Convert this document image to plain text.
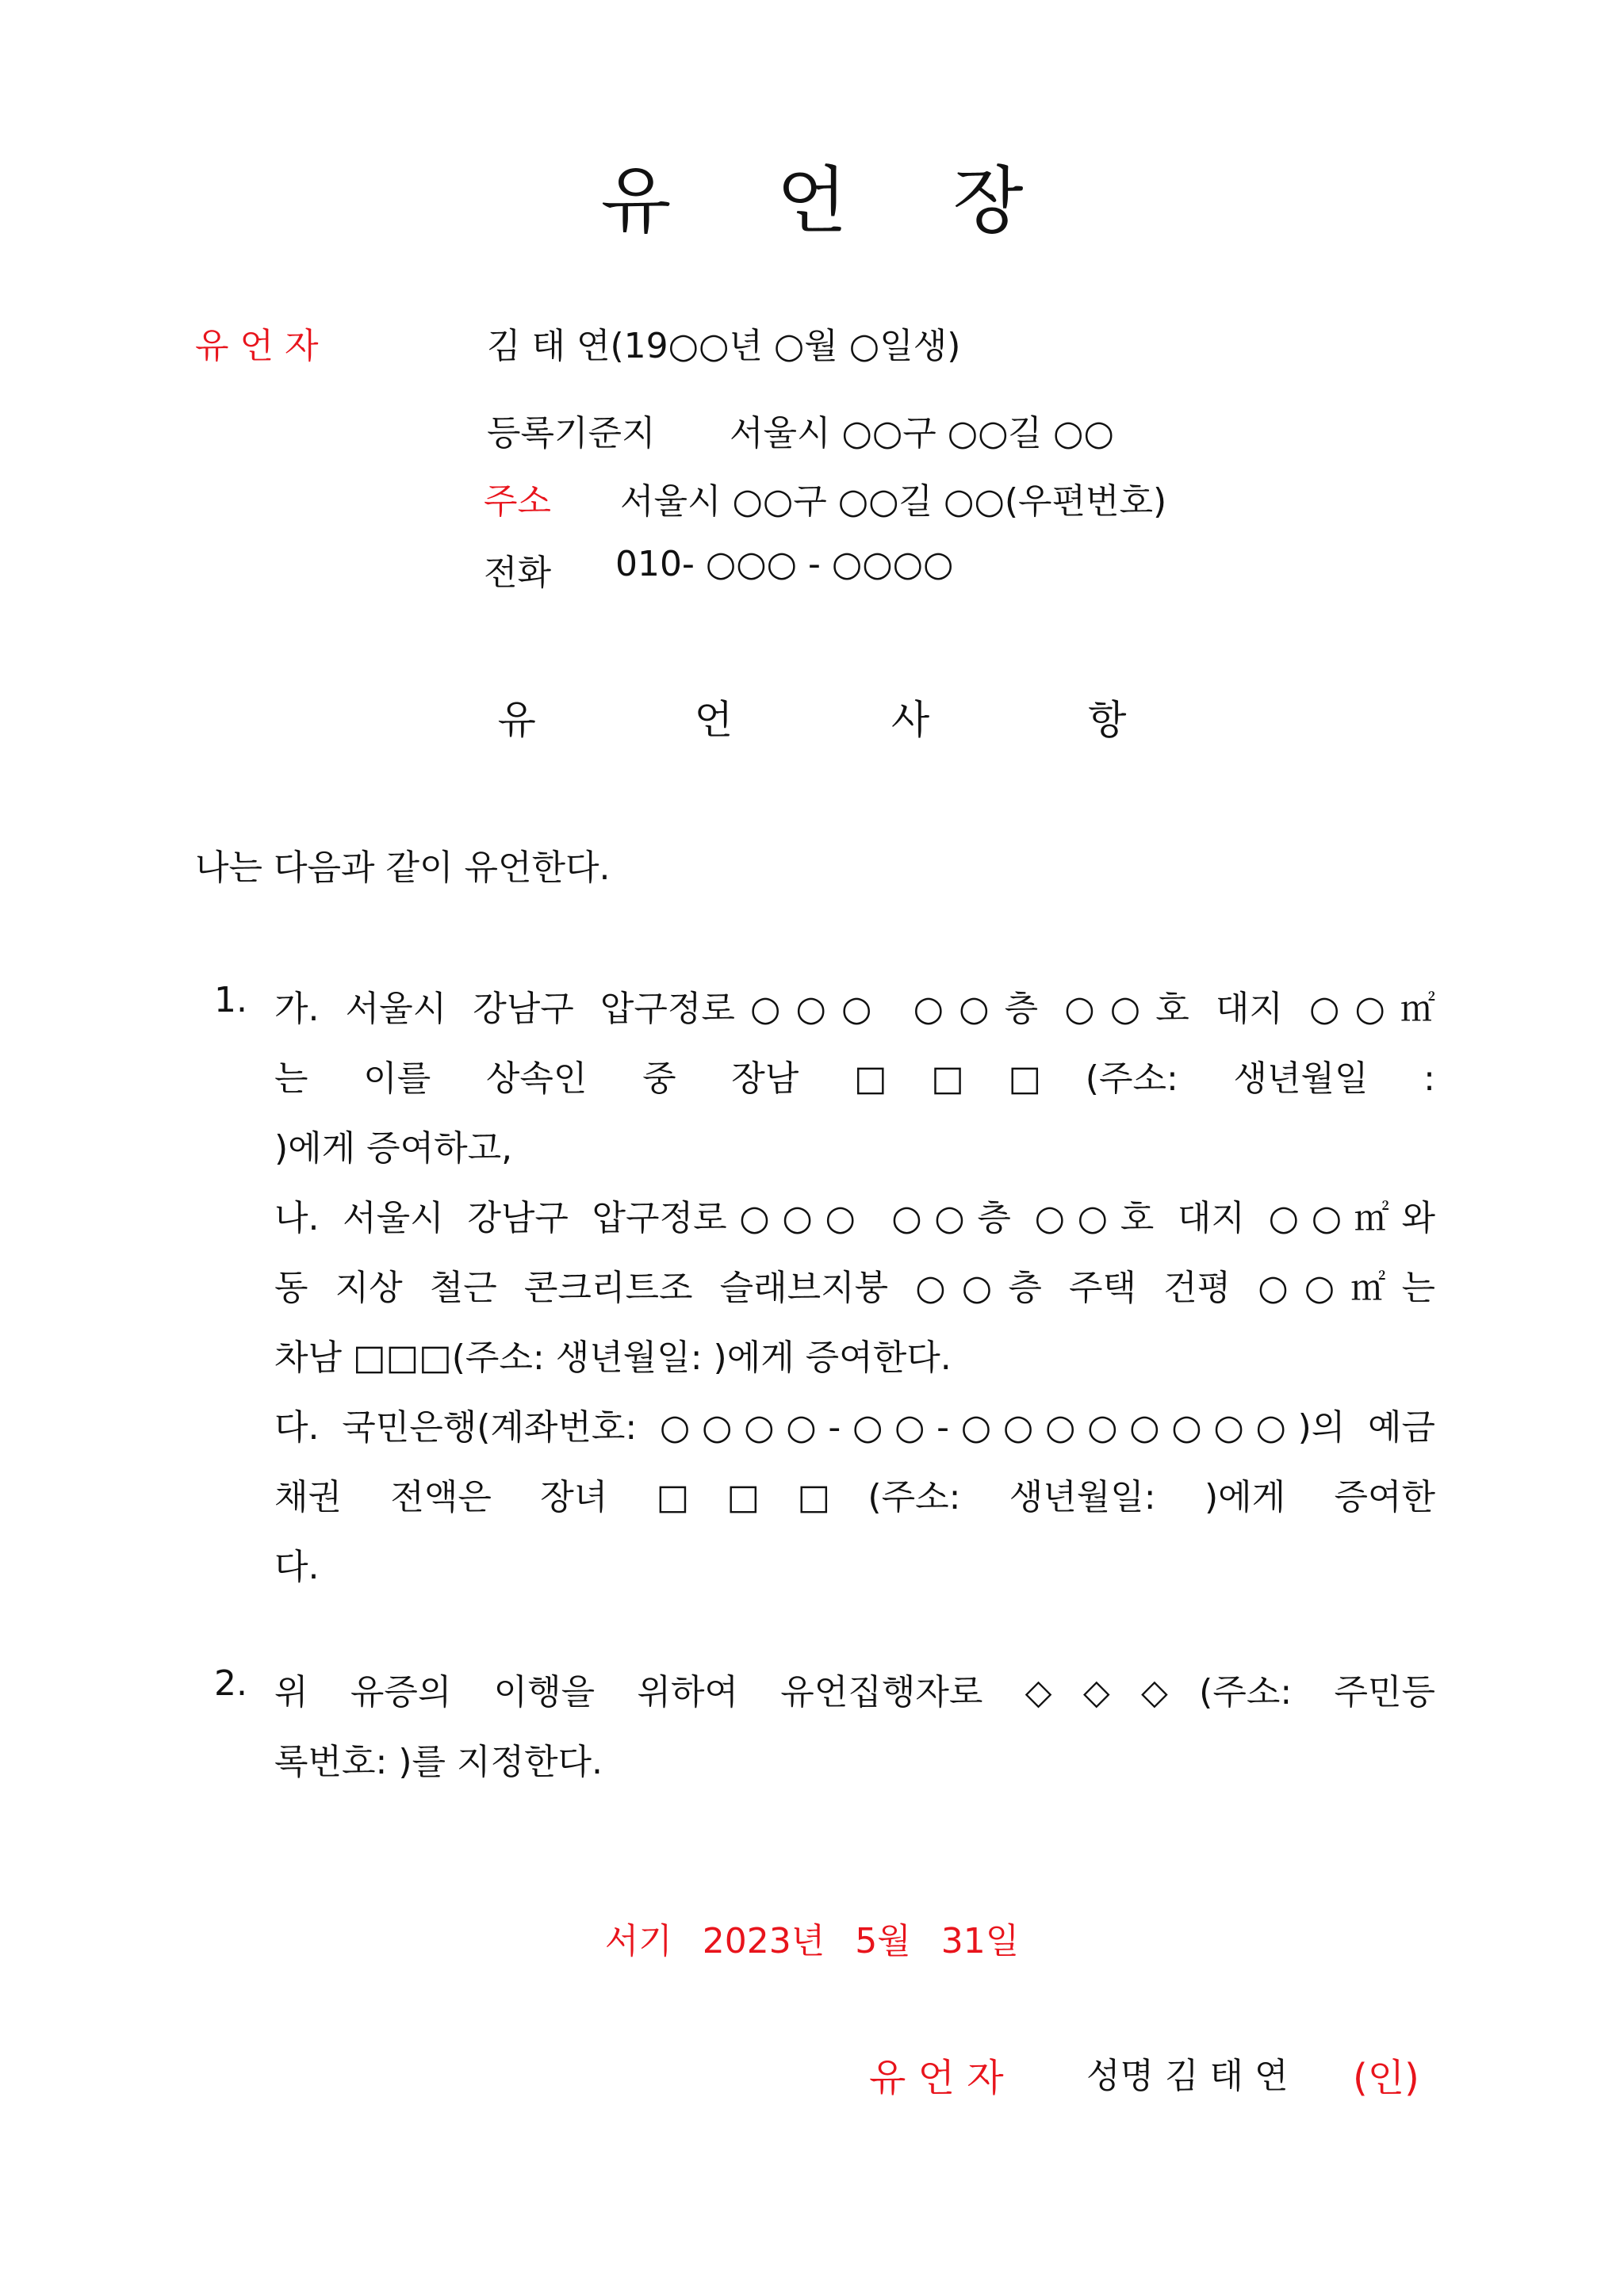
유 언 장
유 언 자	김 태 연(19○○년 ○월 ○일생)
등록기준지 서울시 ○○구 ○○길 ○○
주소 서울시 ○○구 ○○길 ○○(우편번호)
전화 010- ○○○ - ○○○○
유 언 사 항
나는 다음과 같이 유언한다.
1. 가. 서울시 강남구 압구정로○○○ ○○층 ○○호 대지 ○○㎡
는 이를 상속인 중 장남 □□□(주소: 생년월일 :
)에게 증여하고,
나. 서울시 강남구 압구정로○○○ ○○층 ○○호 대지 ○○㎡와
동 지상 철근 콘크리트조 슬래브지붕 ○○층 주택 건평 ○○㎡는
차남 □□□(주소: 생년월일: )에게 증여한다.
다. 국민은행(계좌번호: ○○○○-○○-○○○○○○○○)의 예금
채권 전액은 장녀 □□□(주소: 생년월일: )에게 증여한
다.
2. 위 유증의 이행을 위하여 유언집행자로 ◇◇◇(주소: 주민등
록번호: )를 지정한다.
서기 2023년 5월 31일
유 언 자 성명 김 태 연 (인)
